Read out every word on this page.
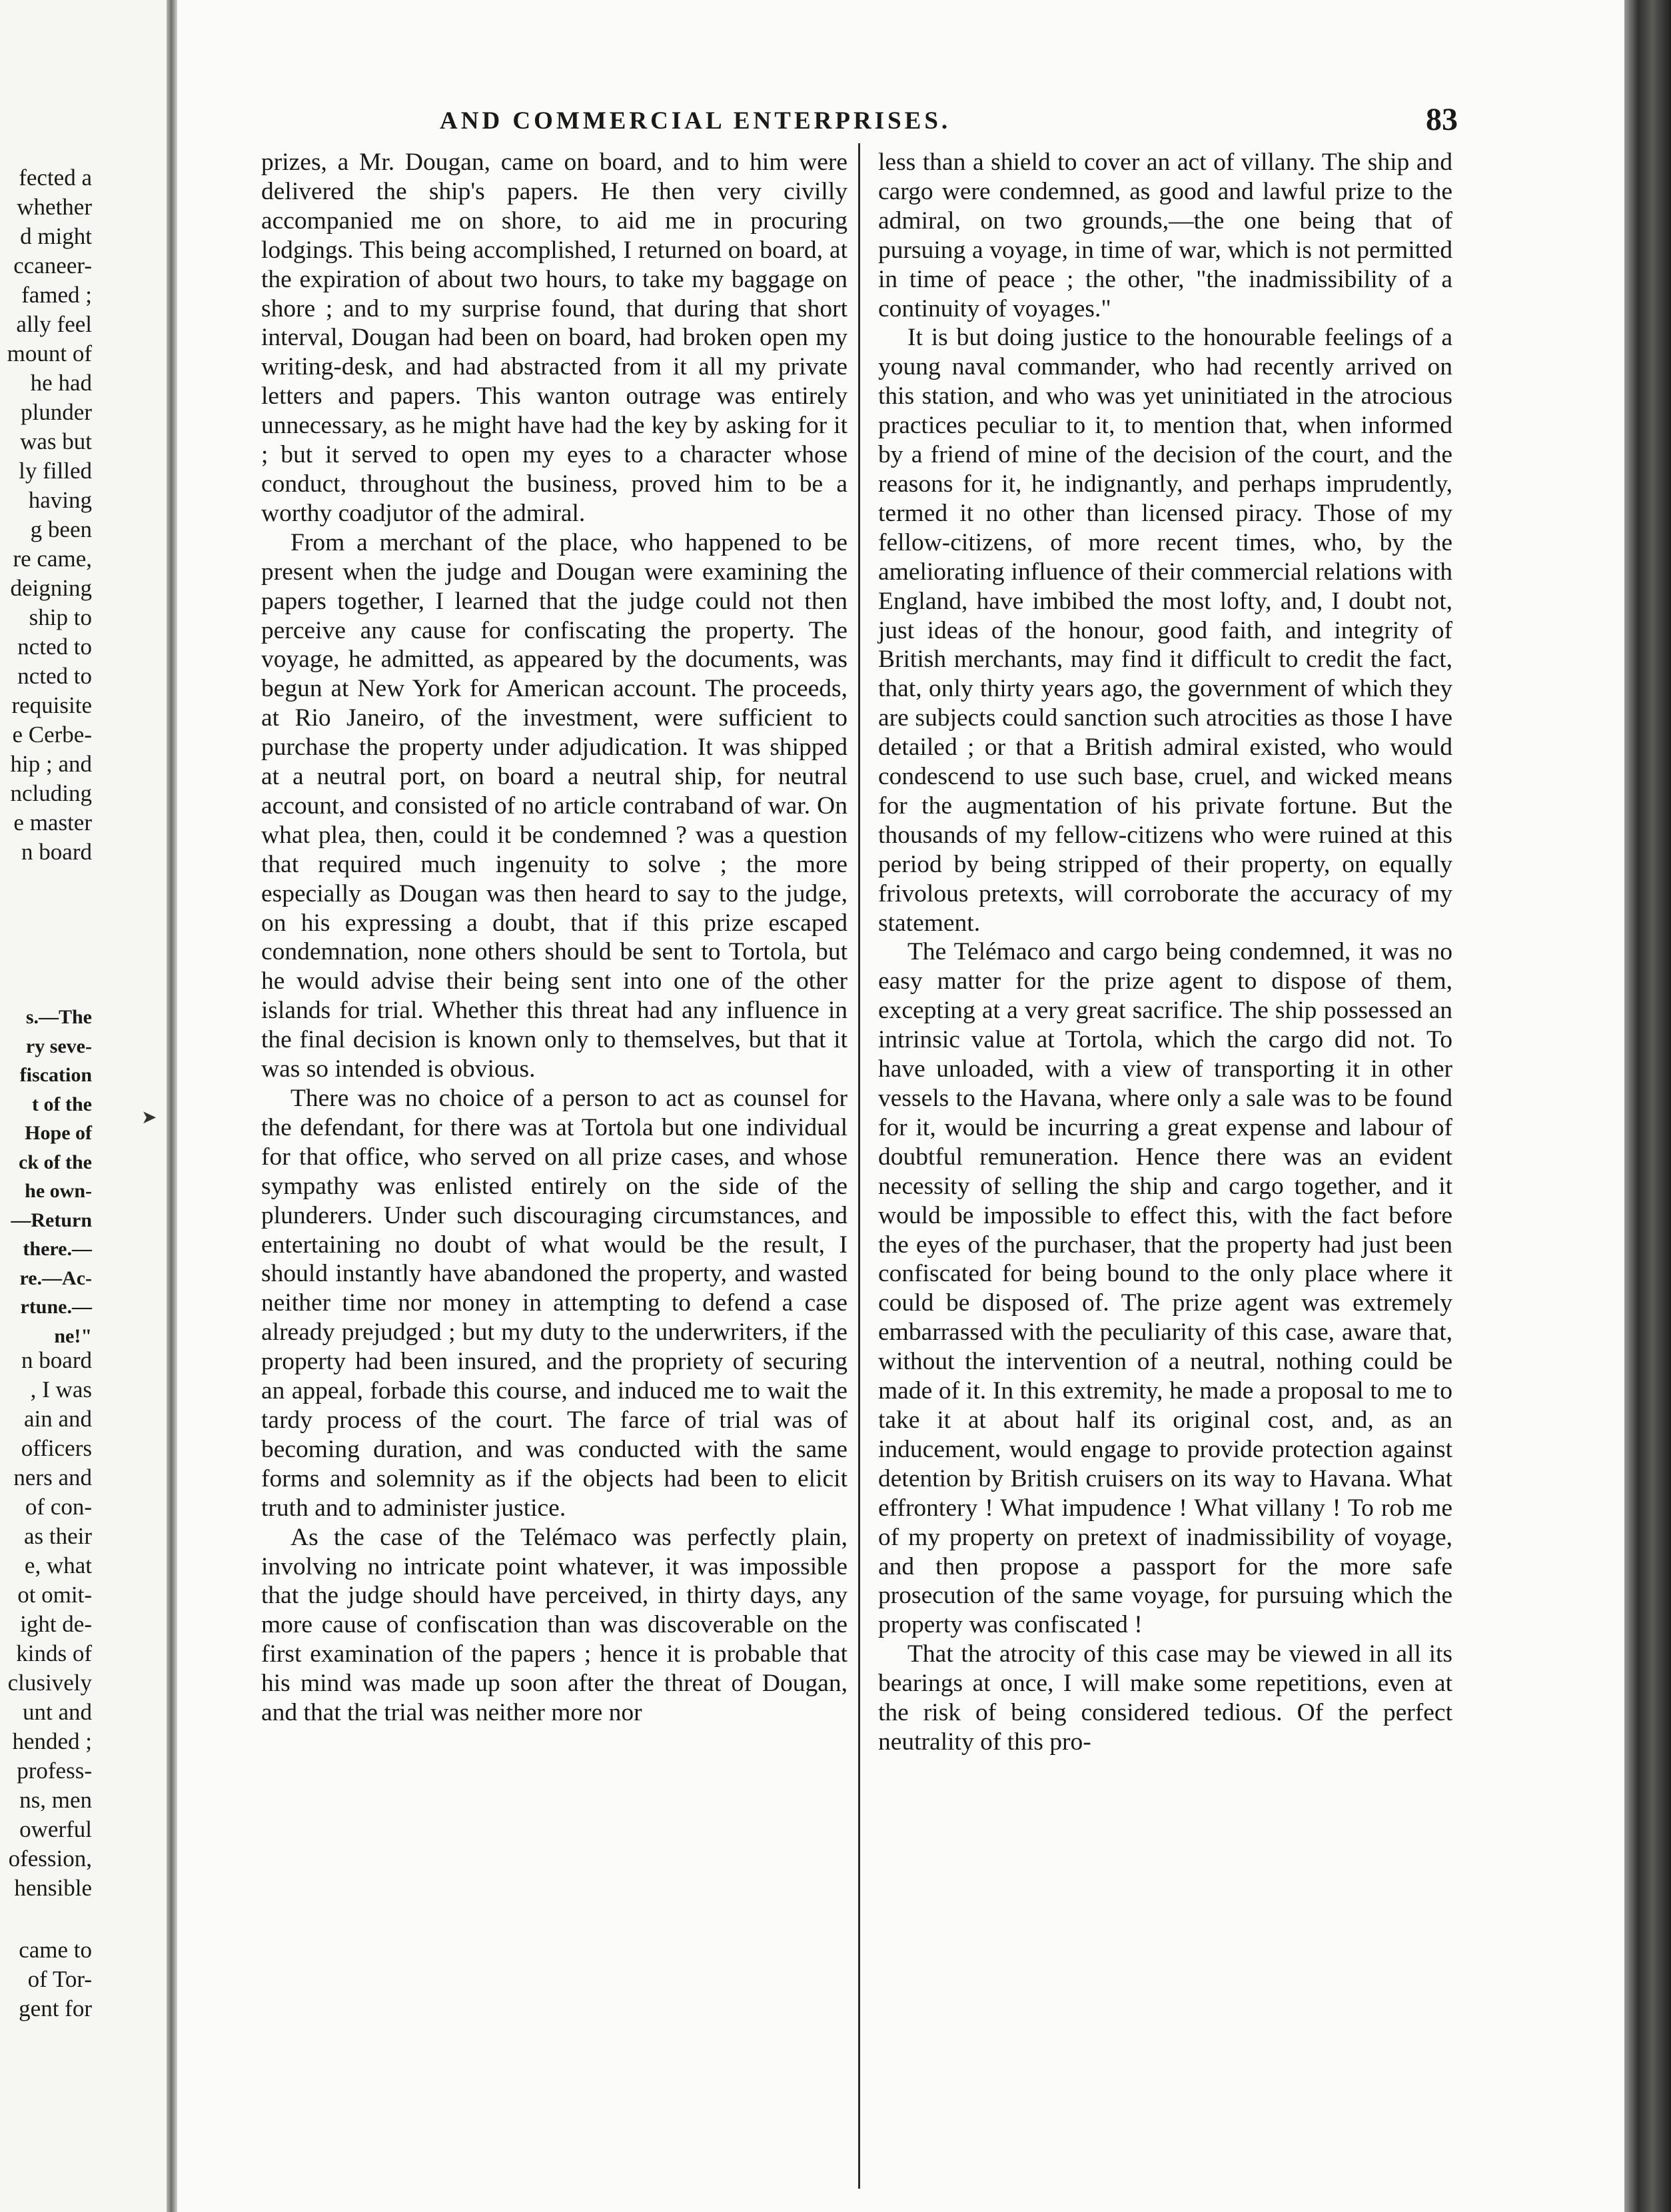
fected a
whether
d might
ccaneer-
famed ;
ally feel
mount of
he had
plunder
was but
ly filled
having
g been
re came,
deigning
ship to
ncted to
ncted to
requisite
e Cerbe-
hip ; and
ncluding
e master
n board
s.—The
ry seve-
fiscation
t of the
Hope of
ck of the
he own-
—Return
there.—
re.—Ac-
rtune.—
ne!"
n board
, I was
ain and
officers
ners and
of con-
as their
e, what
ot omit-
ight de-
kinds of
clusively
unt and
hended ;
profess-
ns, men
owerful
ofession,
hensible
came to
of Tor-
gent for
➤
AND COMMERCIAL ENTERPRISES.	83

prizes, a Mr. Dougan, came on board, and to him were delivered the ship's papers. He then very civilly accompanied me on shore, to aid me in procuring lodgings. This being accomplished, I returned on board, at the expiration of about two hours, to take my baggage on shore ; and to my surprise found, that during that short interval, Dougan had been on board, had broken open my writing-desk, and had abstracted from it all my private letters and papers. This wanton outrage was entirely unnecessary, as he might have had the key by asking for it ; but it served to open my eyes to a character whose conduct, throughout the business, proved him to be a worthy coadjutor of the admiral.

From a merchant of the place, who happened to be present when the judge and Dougan were examining the papers together, I learned that the judge could not then perceive any cause for confiscating the property. The voyage, he admitted, as appeared by the documents, was begun at New York for American account. The proceeds, at Rio Janeiro, of the investment, were sufficient to purchase the property under adjudication. It was shipped at a neutral port, on board a neutral ship, for neutral account, and consisted of no article contraband of war. On what plea, then, could it be condemned ? was a question that required much ingenuity to solve ; the more especially as Dougan was then heard to say to the judge, on his expressing a doubt, that if this prize escaped condemnation, none others should be sent to Tortola, but he would advise their being sent into one of the other islands for trial. Whether this threat had any influence in the final decision is known only to themselves, but that it was so intended is obvious.

There was no choice of a person to act as counsel for the defendant, for there was at Tortola but one individual for that office, who served on all prize cases, and whose sympathy was enlisted entirely on the side of the plunderers. Under such discouraging circumstances, and entertaining no doubt of what would be the result, I should instantly have abandoned the property, and wasted neither time nor money in attempting to defend a case already prejudged ; but my duty to the underwriters, if the property had been insured, and the propriety of securing an appeal, forbade this course, and induced me to wait the tardy process of the court. The farce of trial was of becoming duration, and was conducted with the same forms and solemnity as if the objects had been to elicit truth and to administer justice.

As the case of the Telémaco was perfectly plain, involving no intricate point whatever, it was impossible that the judge should have perceived, in thirty days, any more cause of confiscation than was discoverable on the first examination of the papers ; hence it is probable that his mind was made up soon after the threat of Dougan, and that the trial was neither more nor

less than a shield to cover an act of villany. The ship and cargo were condemned, as good and lawful prize to the admiral, on two grounds,—the one being that of pursuing a voyage, in time of war, which is not permitted in time of peace ; the other, "the inadmissibility of a continuity of voyages."

It is but doing justice to the honourable feelings of a young naval commander, who had recently arrived on this station, and who was yet uninitiated in the atrocious practices peculiar to it, to mention that, when informed by a friend of mine of the decision of the court, and the reasons for it, he indignantly, and perhaps imprudently, termed it no other than licensed piracy. Those of my fellow-citizens, of more recent times, who, by the ameliorating influence of their commercial relations with England, have imbibed the most lofty, and, I doubt not, just ideas of the honour, good faith, and integrity of British merchants, may find it difficult to credit the fact, that, only thirty years ago, the government of which they are subjects could sanction such atrocities as those I have detailed ; or that a British admiral existed, who would condescend to use such base, cruel, and wicked means for the augmentation of his private fortune. But the thousands of my fellow-citizens who were ruined at this period by being stripped of their property, on equally frivolous pretexts, will corroborate the accuracy of my statement.

The Telémaco and cargo being condemned, it was no easy matter for the prize agent to dispose of them, excepting at a very great sacrifice. The ship possessed an intrinsic value at Tortola, which the cargo did not. To have unloaded, with a view of transporting it in other vessels to the Havana, where only a sale was to be found for it, would be incurring a great expense and labour of doubtful remuneration. Hence there was an evident necessity of selling the ship and cargo together, and it would be impossible to effect this, with the fact before the eyes of the purchaser, that the property had just been confiscated for being bound to the only place where it could be disposed of. The prize agent was extremely embarrassed with the peculiarity of this case, aware that, without the intervention of a neutral, nothing could be made of it. In this extremity, he made a proposal to me to take it at about half its original cost, and, as an inducement, would engage to provide protection against detention by British cruisers on its way to Havana. What effrontery ! What impudence ! What villany ! To rob me of my property on pretext of inadmissibility of voyage, and then propose a passport for the more safe prosecution of the same voyage, for pursuing which the property was confiscated !

That the atrocity of this case may be viewed in all its bearings at once, I will make some repetitions, even at the risk of being considered tedious. Of the perfect neutrality of this pro-
